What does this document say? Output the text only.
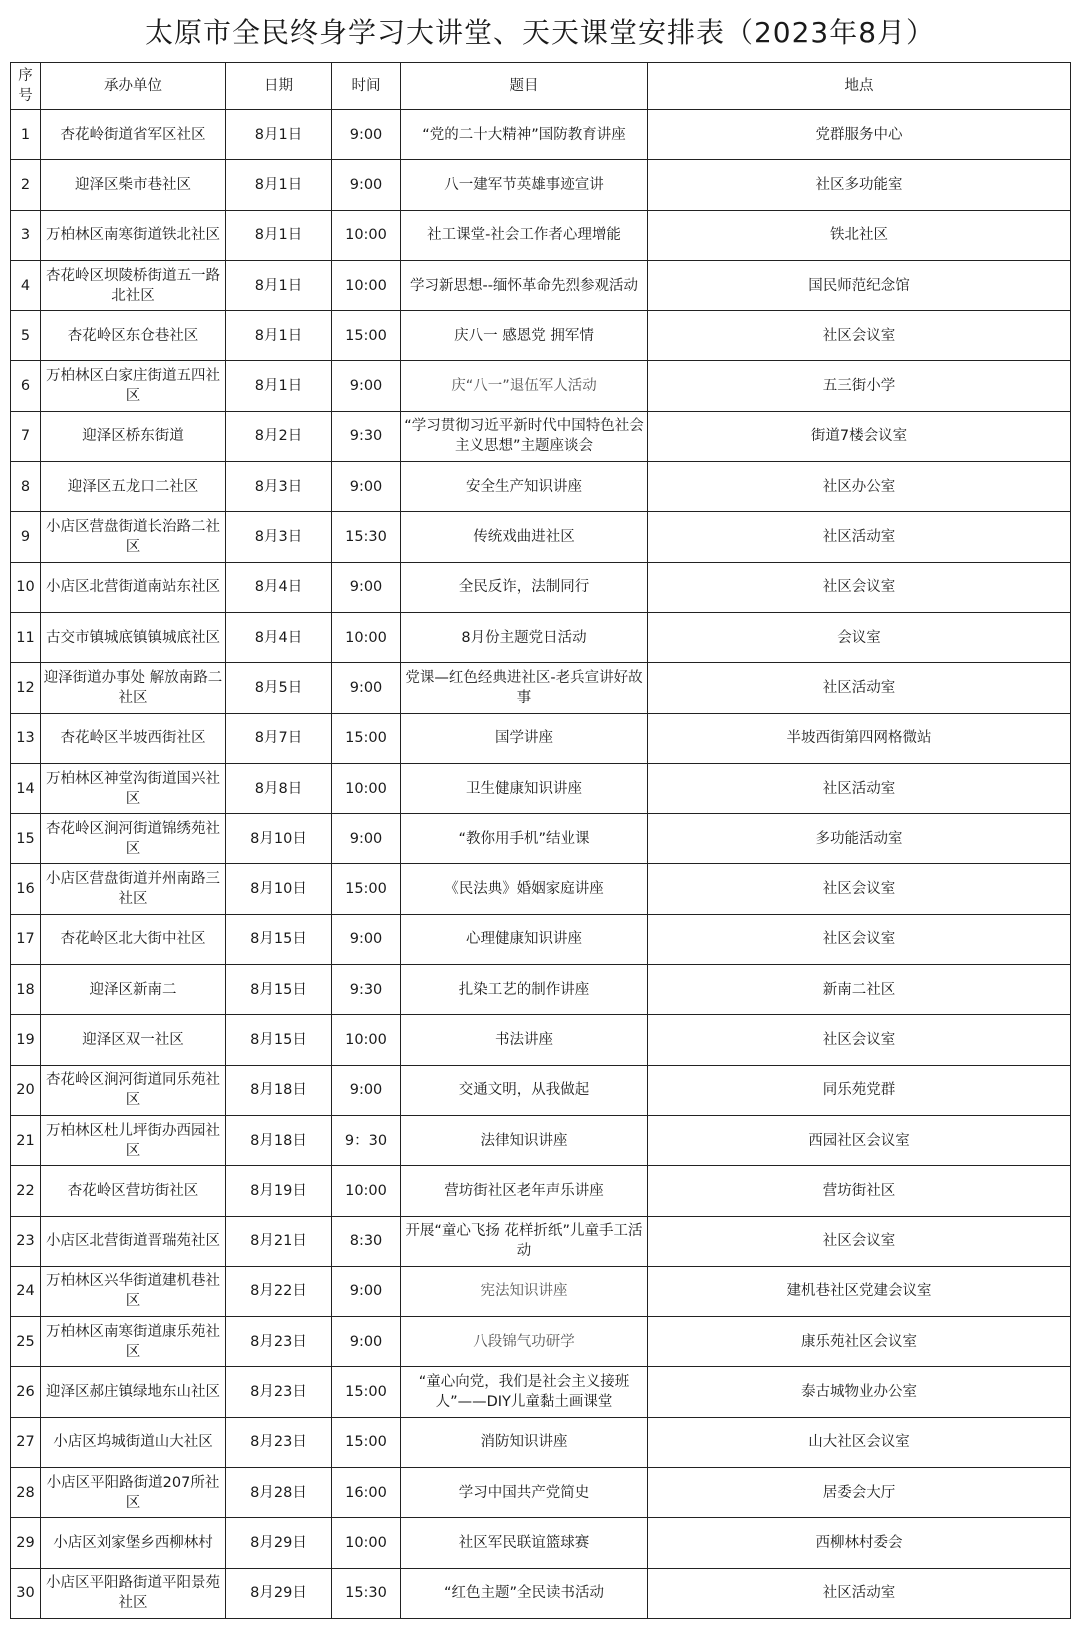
太原市全民终身学习大讲堂、天天课堂安排表（2023年8月）
序号	承办单位	日期	时间	题目	地点
1	杏花岭街道省军区社区	8月1日	9:00	“党的二十大精神”国防教育讲座	党群服务中心
2	迎泽区柴市巷社区	8月1日	9:00	八一建军节英雄事迹宣讲	社区多功能室
3	万柏林区南寒街道铁北社区	8月1日	10:00	社工课堂-社会工作者心理增能	铁北社区
4	杏花岭区坝陵桥街道五一路北社区	8月1日	10:00	学习新思想--缅怀革命先烈参观活动	国民师范纪念馆
5	杏花岭区东仓巷社区	8月1日	15:00	庆八一 感恩党 拥军情	社区会议室
6	万柏林区白家庄街道五四社区	8月1日	9:00	庆“八一”退伍军人活动	五三街小学
7	迎泽区桥东街道	8月2日	9:30	“学习贯彻习近平新时代中国特色社会主义思想”主题座谈会	街道7楼会议室
8	迎泽区五龙口二社区	8月3日	9:00	安全生产知识讲座	社区办公室
9	小店区营盘街道长治路二社区	8月3日	15:30	传统戏曲进社区	社区活动室
10	小店区北营街道南站东社区	8月4日	9:00	全民反诈，法制同行	社区会议室
11	古交市镇城底镇镇城底社区	8月4日	10:00	8月份主题党日活动	会议室
12	迎泽街道办事处 解放南路二社区	8月5日	9:00	党课—红色经典进社区-老兵宣讲好故事	社区活动室
13	杏花岭区半坡西街社区	8月7日	15:00	国学讲座	半坡西街第四网格微站
14	万柏林区神堂沟街道国兴社区	8月8日	10:00	卫生健康知识讲座	社区活动室
15	杏花岭区涧河街道锦绣苑社区	8月10日	9:00	“教你用手机”结业课	多功能活动室
16	小店区营盘街道并州南路三社区	8月10日	15:00	《民法典》婚姻家庭讲座	社区会议室
17	杏花岭区北大街中社区	8月15日	9:00	心理健康知识讲座	社区会议室
18	迎泽区新南二	8月15日	9:30	扎染工艺的制作讲座	新南二社区
19	迎泽区双一社区	8月15日	10:00	书法讲座	社区会议室
20	杏花岭区涧河街道同乐苑社区	8月18日	9:00	交通文明，从我做起	同乐苑党群
21	万柏林区杜儿坪街办西园社区	8月18日	9：30	法律知识讲座	西园社区会议室
22	杏花岭区营坊街社区	8月19日	10:00	营坊街社区老年声乐讲座	营坊街社区
23	小店区北营街道晋瑞苑社区	8月21日	8:30	开展“童心飞扬 花样折纸”儿童手工活动	社区会议室
24	万柏林区兴华街道建机巷社区	8月22日	9:00	宪法知识讲座	建机巷社区党建会议室
25	万柏林区南寒街道康乐苑社区	8月23日	9:00	八段锦气功研学	康乐苑社区会议室
26	迎泽区郝庄镇绿地东山社区	8月23日	15:00	“童心向党，我们是社会主义接班人”——DIY儿童黏土画课堂	泰古城物业办公室
27	小店区坞城街道山大社区	8月23日	15:00	消防知识讲座	山大社区会议室
28	小店区平阳路街道207所社区	8月28日	16:00	学习中国共产党简史	居委会大厅
29	小店区刘家堡乡西柳林村	8月29日	10:00	社区军民联谊篮球赛	西柳林村委会
30	小店区平阳路街道平阳景苑社区	8月29日	15:30	“红色主题”全民读书活动	社区活动室
